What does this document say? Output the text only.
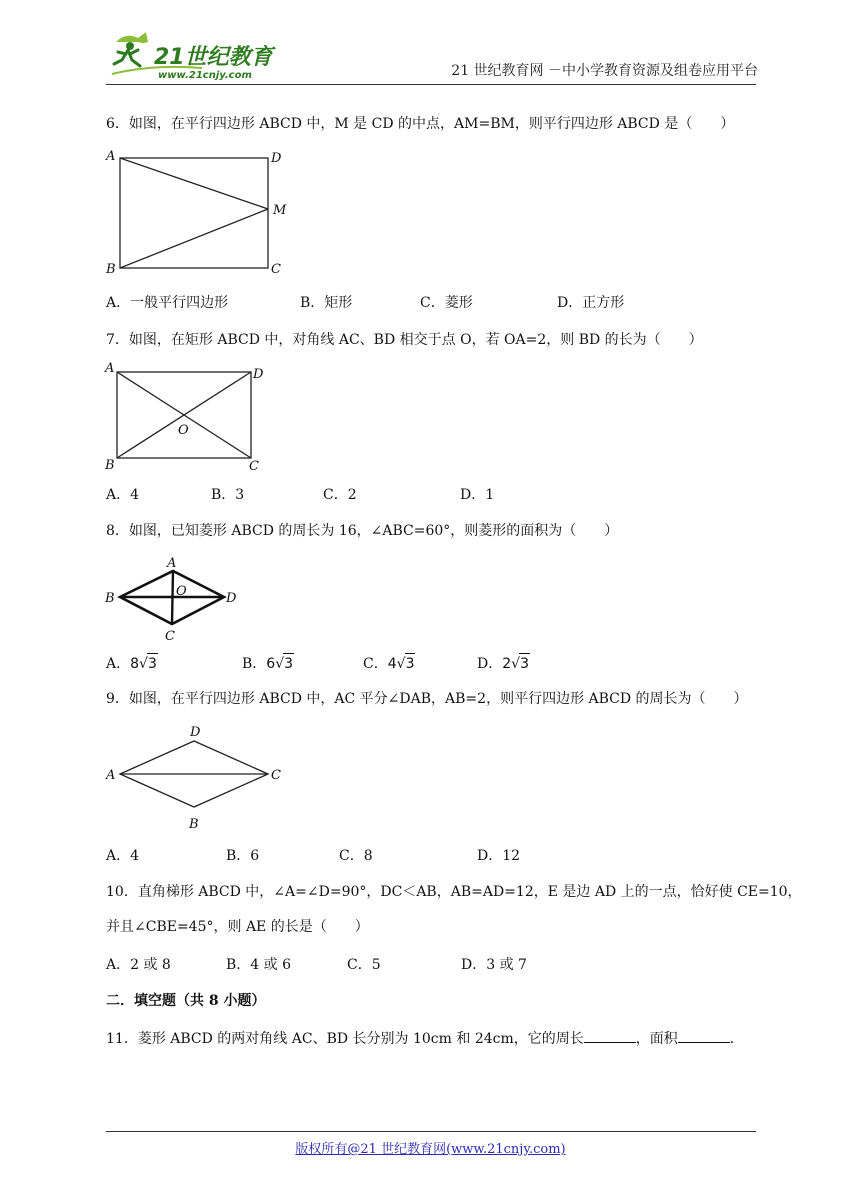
21世纪教育
www.21cnjy.com	21 世纪教育网 －中小学教育资源及组卷应用平台
6．如图，在平行四边形 ABCD 中，M 是 CD 的中点，AM=BM，则平行四边形 ABCD 是（　　）
A	D
M
B	C
A．一般平行四边形	B．矩形	C．菱形	D．正方形
7．如图，在矩形 ABCD 中，对角线 AC、BD 相交于点 O，若 OA=2，则 BD 的长为（　　）
A	D
O
B	C
A．4	B．3	C．2	D．1
8．如图，已知菱形 ABCD 的周长为 16，∠ABC=60°，则菱形的面积为（　　）
A
B	O	D
C
A．8√3	B．6√3	C．4√3	D．2√3
9．如图，在平行四边形 ABCD 中，AC 平分∠DAB，AB=2，则平行四边形 ABCD 的周长为（　　）
D
A	C
B
A．4	B．6	C．8	D．12
10．直角梯形 ABCD 中，∠A=∠D=90°，DC＜AB，AB=AD=12，E 是边 AD 上的一点，恰好使 CE=10，
并且∠CBE=45°，则 AE 的长是（　　）
A．2 或 8	B．4 或 6	C．5	D．3 或 7
二．填空题（共 8 小题）
11．菱形 ABCD 的两对角线 AC、BD 长分别为 10cm 和 24cm，它的周长	，面积	.
版权所有@21 世纪教育网(www.21cnjy.com)
